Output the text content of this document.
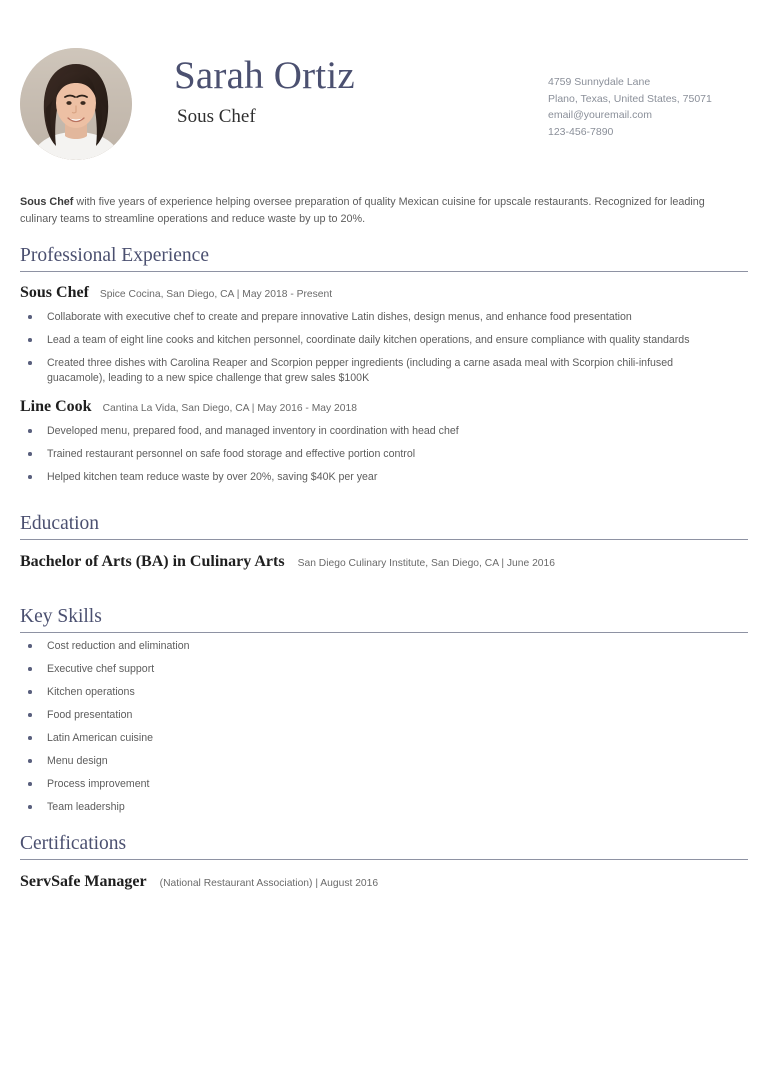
Sarah Ortiz
Sous Chef
4759 Sunnydale Lane
Plano, Texas, United States, 75071
email@youremail.com
123-456-7890
Sous Chef with five years of experience helping oversee preparation of quality Mexican cuisine for upscale restaurants. Recognized for leading culinary teams to streamline operations and reduce waste by up to 20%.
Professional Experience
Sous Chef	Spice Cocina, San Diego, CA | May 2018 - Present
Collaborate with executive chef to create and prepare innovative Latin dishes, design menus, and enhance food presentation
Lead a team of eight line cooks and kitchen personnel, coordinate daily kitchen operations, and ensure compliance with quality standards
Created three dishes with Carolina Reaper and Scorpion pepper ingredients (including a carne asada meal with Scorpion chili-infused guacamole), leading to a new spice challenge that grew sales $100K
Line Cook	Cantina La Vida, San Diego, CA | May 2016 - May 2018
Developed menu, prepared food, and managed inventory in coordination with head chef
Trained restaurant personnel on safe food storage and effective portion control
Helped kitchen team reduce waste by over 20%, saving $40K per year
Education
Bachelor of Arts (BA) in Culinary Arts	San Diego Culinary Institute, San Diego, CA | June 2016
Key Skills
Cost reduction and elimination
Executive chef support
Kitchen operations
Food presentation
Latin American cuisine
Menu design
Process improvement
Team leadership
Certifications
ServSafe Manager	(National Restaurant Association) | August 2016
